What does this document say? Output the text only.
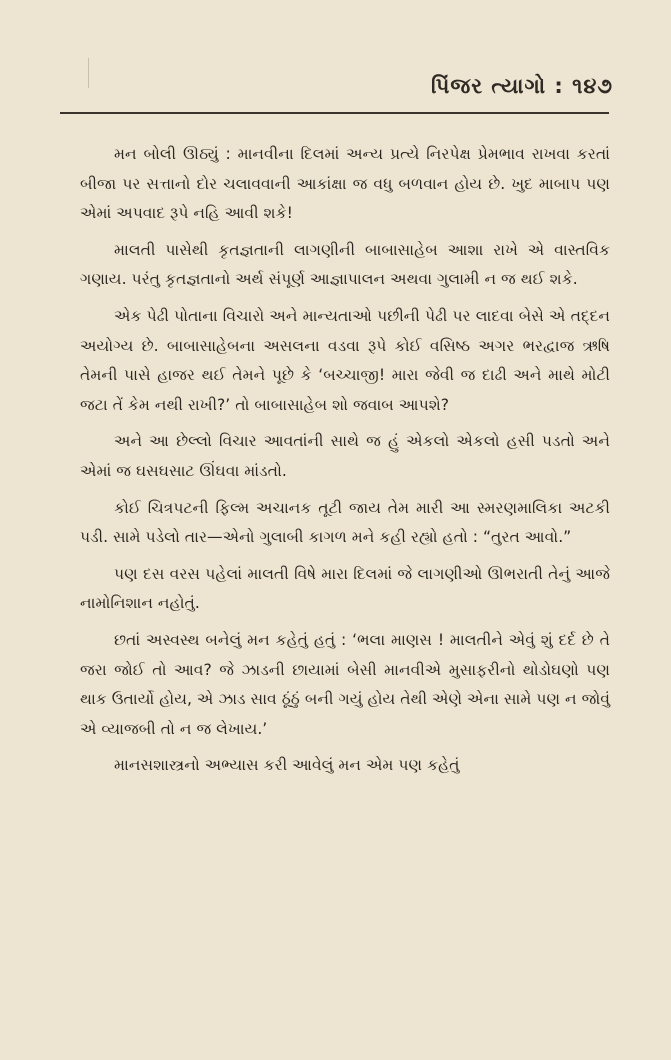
પિંજર ત્યાગો : ૧૪૭

મન બોલી ઊઠ્યું : માનવીના દિલમાં અન્ય પ્રત્યે નિરપેક્ષ પ્રેમભાવ રાખવા કરતાં બીજા પર સત્તાનો દોર ચલાવવાની આકાંક્ષા જ વધુ બળવાન હોય છે. ખુદ માબાપ પણ એમાં અપવાદ રૂપે નહિ આવી શકે!

માલતી પાસેથી કૃતજ્ઞતાની લાગણીની બાબાસાહેબ આશા રાખે એ વાસ્તવિક ગણાય. પરંતુ કૃતજ્ઞતાનો અર્થ સંપૂર્ણ આજ્ઞાપાલન અથવા ગુલામી ન જ થઈ શકે.

એક પેઢી પોતાના વિચારો અને માન્યતાઓ પછીની પેઢી પર લાદવા બેસે એ તદ્દન અયોગ્ય છે. બાબાસાહેબના અસલના વડવા રૂપે કોઈ વસિષ્ઠ અગર ભરદ્વાજ ઋષિ તેમની પાસે હાજર થઈ તેમને પૂછે કે ‘બચ્ચાજી! મારા જેવી જ દાઢી અને માથે મોટી જટા તેં કેમ નથી રાખી?’ તો બાબાસાહેબ શો જવાબ આપશે?

અને આ છેલ્લો વિચાર આવતાંની સાથે જ હું એકલો એકલો હસી પડતો અને એમાં જ ઘસઘસાટ ઊંઘવા માંડતો.

કોઈ ચિત્રપટની ફિલ્મ અચાનક તૂટી જાય તેમ મારી આ સ્મરણમાલિકા અટકી પડી. સામે પડેલો તાર—એનો ગુલાબી કાગળ મને કહી રહ્યો હતો : “તુરત આવો.”

પણ દસ વરસ પહેલાં માલતી વિષે મારા દિલમાં જે લાગણીઓ ઊભરાતી તેનું આજે નામોનિશાન નહોતું.

છતાં અસ્વસ્થ બનેલું મન કહેતું હતું : ‘ભલા માણસ ! માલતીને એવું શું દર્દ છે તે જરા જોઈ તો આવ? જે ઝાડની છાયામાં બેસી માનવીએ મુસાફરીનો થોડોઘણો પણ થાક ઉતાર્યો હોય, એ ઝાડ સાવ ઠૂંઠું બની ગયું હોય તેથી એણે એના સામે પણ ન જોવું એ વ્યાજબી તો ન જ લેખાય.’

માનસશાસ્ત્રનો અભ્યાસ કરી આવેલું મન એમ પણ કહેતું
